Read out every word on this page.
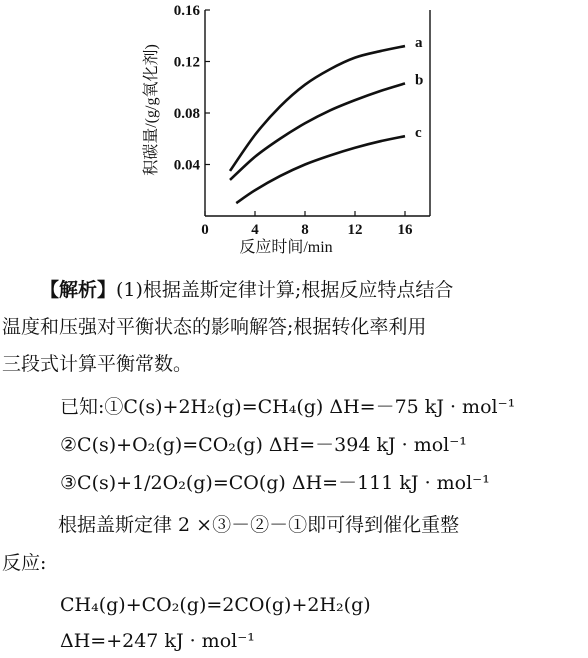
0	4	8	12 16
0.04
0.08
0.12
0.16
a
b
c
反应时间/min
积碳量/(g/g氧化剂)
【解析】(1)根据盖斯定律计算;根据反应特点结合
温度和压强对平衡状态的影响解答;根据转化率利用
三段式计算平衡常数。
已知:①C(s)+2H₂(g)=CH₄(g) ΔH=－75 kJ · mol⁻¹
②C(s)+O₂(g)=CO₂(g) ΔH=－394 kJ · mol⁻¹
③C(s)+1/2O₂(g)=CO(g) ΔH=－111 kJ · mol⁻¹
根据盖斯定律 2 ×③－②－①即可得到催化重整
反应:
CH₄(g)+CO₂(g)=2CO(g)+2H₂(g)
ΔH=+247 kJ · mol⁻¹
